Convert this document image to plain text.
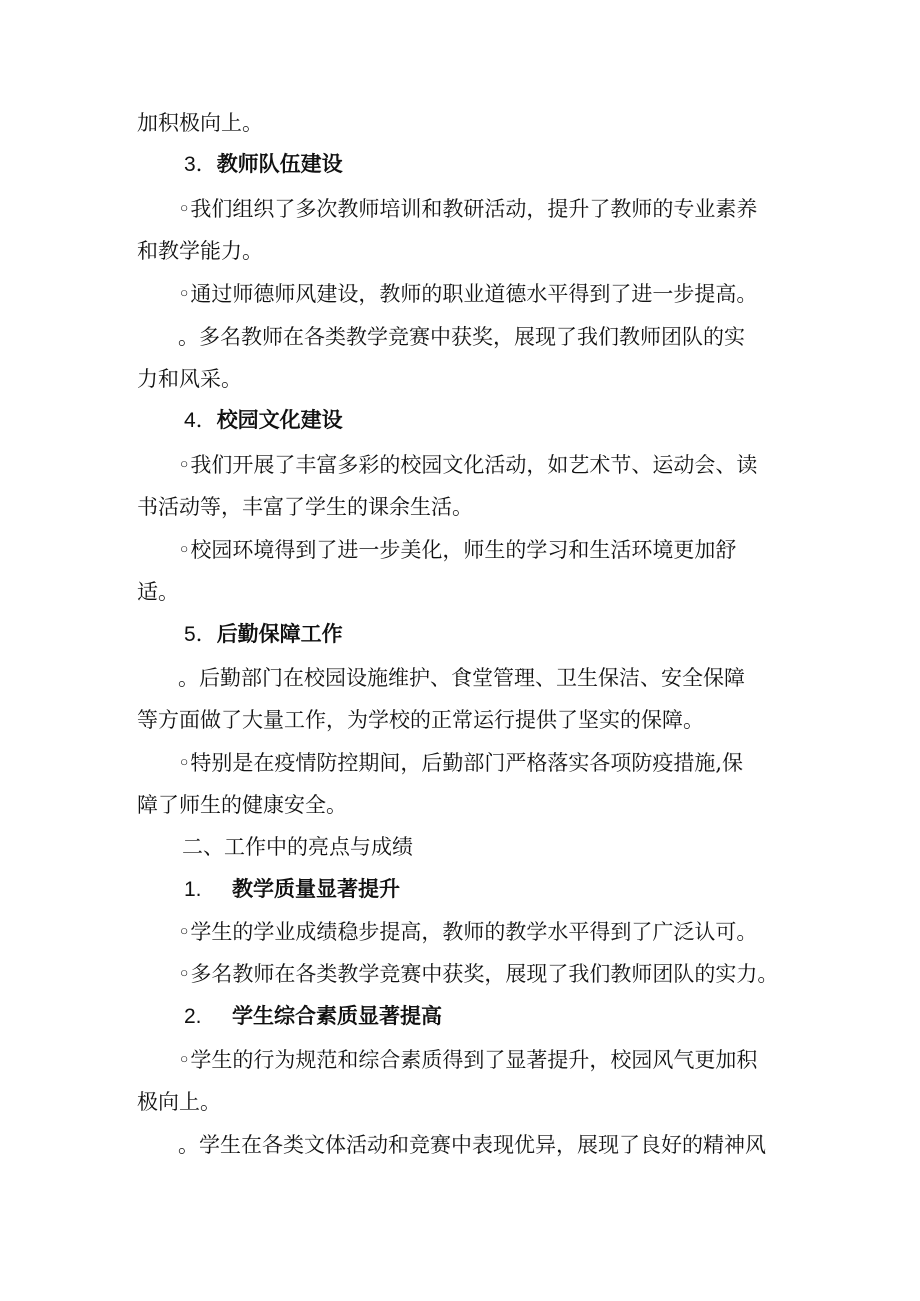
加积极向上。
3．教师队伍建设
◦我们组织了多次教师培训和教研活动，提升了教师的专业素养
和教学能力。
◦通过师德师风建设，教师的职业道德水平得到了进一步提高。
。多名教师在各类教学竞赛中获奖，展现了我们教师团队的实
力和风采。
4．校园文化建设
◦我们开展了丰富多彩的校园文化活动，如艺术节、运动会、读
书活动等，丰富了学生的课余生活。
◦校园环境得到了进一步美化，师生的学习和生活环境更加舒
适。
5．后勤保障工作
。后勤部门在校园设施维护、食堂管理、卫生保洁、安全保障
等方面做了大量工作，为学校的正常运行提供了坚实的保障。
◦特别是在疫情防控期间，后勤部门严格落实各项防疫措施,保
障了师生的健康安全。
二、工作中的亮点与成绩
1. 教学质量显著提升
◦学生的学业成绩稳步提高，教师的教学水平得到了广泛认可。
◦多名教师在各类教学竞赛中获奖，展现了我们教师团队的实力。
2. 学生综合素质显著提高
◦学生的行为规范和综合素质得到了显著提升，校园风气更加积
极向上。
。学生在各类文体活动和竞赛中表现优异，展现了良好的精神风
